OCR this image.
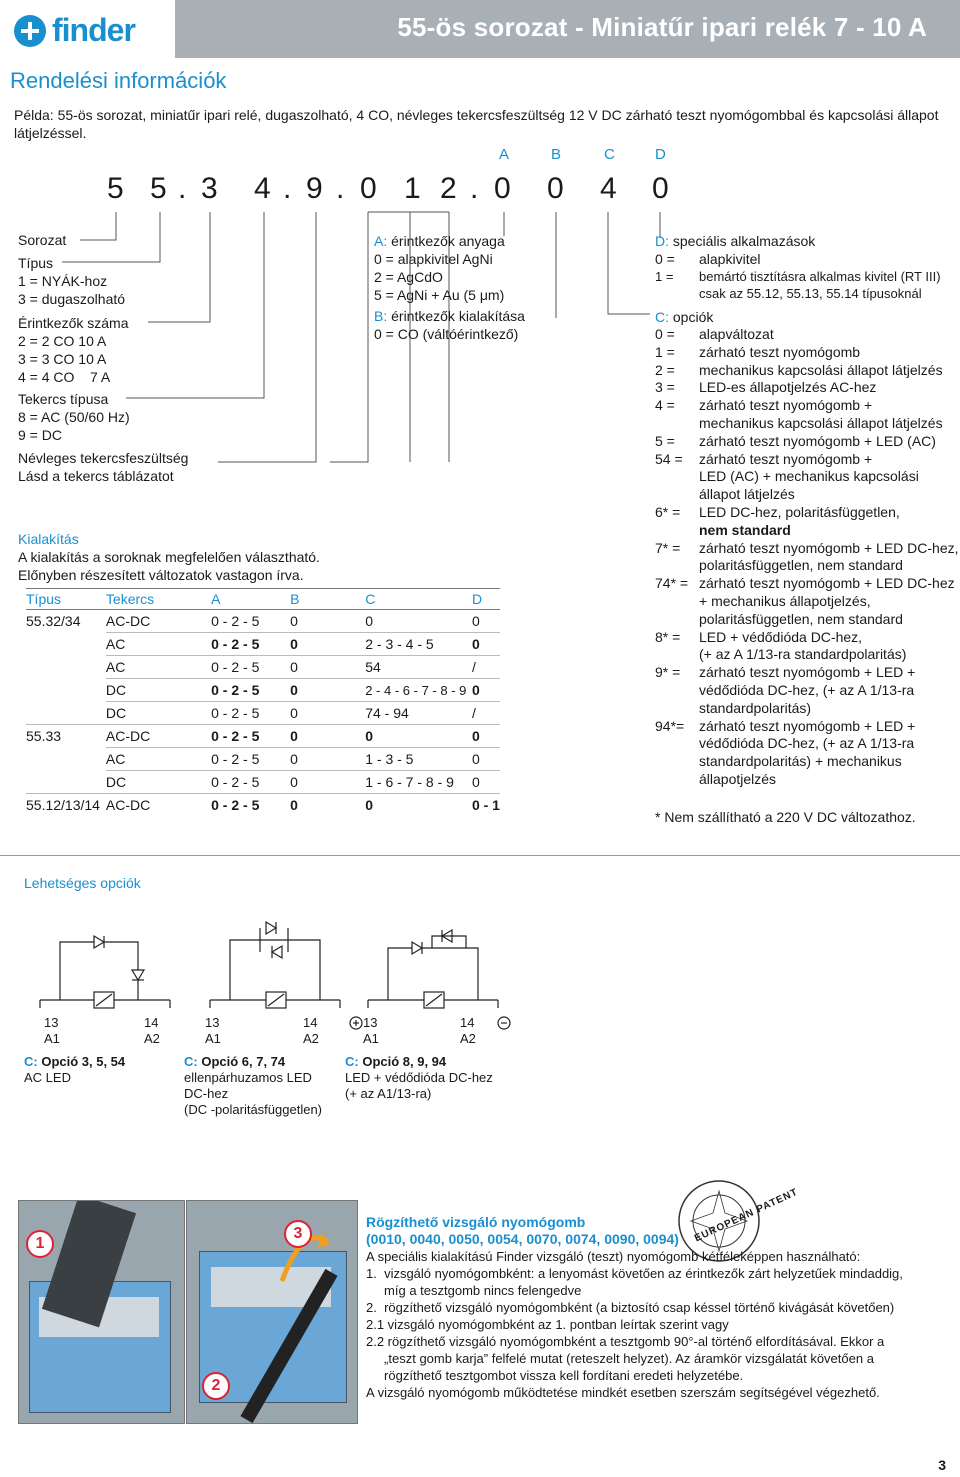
55-ös sorozat - Miniatűr ipari relék 7 - 10 A
finder
Rendelési információk
Példa: 55-ös sorozat, miniatűr ipari relé, dugaszolható, 4 CO, névleges tekercsfeszültség 12 V DC zárható teszt nyomógombbal és kapcsolási állapot látjelzéssel.
A	B	C	D
5 5 . 3 4 . 9 . 0 1 2 . 0 0 4 0
Sorozat
Típus
1 = NYÁK-hoz
3 = dugaszolható
Érintkezők száma
2 = 2 CO 10 A
3 = 3 CO 10 A
4 = 4 CO    7 A
Tekercs típusa
8 = AC (50/60 Hz)
9 = DC
Névleges tekercsfeszültség
Lásd a tekercs táblázatot
A: érintkezők anyaga
0 = alapkivitel AgNi
2 = AgCdO
5 = AgNi + Au (5 μm)
B: érintkezők kialakítása
0 = CO (váltóérintkező)
Kialakítás
A kialakítás a soroknak megfelelően választható.
Előnyben részesített változatok vastagon írva.
Típus	Tekercs	A	B	C	D
55.32/34	AC-DC	0 - 2 - 5	0	0	0
	AC	0 - 2 - 5	0	2 - 3 - 4 - 5	0
	AC	0 - 2 - 5	0	54	/
	DC	0 - 2 - 5	0	2 - 4 - 6 - 7 - 8 - 9	0
	DC	0 - 2 - 5	0	74 - 94	/
55.33	AC-DC	0 - 2 - 5	0	0	0
	AC	0 - 2 - 5	0	1 - 3 - 5	0
	DC	0 - 2 - 5	0	1 - 6 - 7 - 8 - 9	0
55.12/13/14	AC-DC	0 - 2 - 5	0	0	0 - 1
D: speciális alkalmazások
0 =	alapkivitel
1 =	bemártó tisztításra alkalmas kivitel (RT III)
csak az 55.12, 55.13, 55.14 típusoknál
C: opciók
0 =	alapváltozat
1 =	zárható teszt nyomógomb
2 =	mechanikus kapcsolási állapot látjelzés
3 =	LED-es állapotjelzés AC-hez
4 =	zárható teszt nyomógomb +
mechanikus kapcsolási állapot látjelzés
5 =	zárható teszt nyomógomb + LED (AC)
54 =	zárható teszt nyomógomb +
LED (AC) + mechanikus kapcsolási
állapot látjelzés
6* =	LED DC-hez, polaritásfüggetlen,
nem standard
7* =	zárható teszt nyomógomb + LED DC-hez,
polaritásfüggetlen, nem standard
74* = zárható teszt nyomógomb + LED DC-hez
+ mechanikus állapotjelzés,
polaritásfüggetlen, nem standard
8* =	LED + védődióda DC-hez,
(+ az A 1/13-ra standardpolaritás)
9* =	zárható teszt nyomógomb + LED +
védődióda DC-hez, (+ az A 1/13-ra
standardpolaritás)
94*=	zárható teszt nyomógomb + LED +
védődióda DC-hez, (+ az A 1/13-ra
standardpolaritás) + mechanikus
állapotjelzés
* Nem szállítható a 220 V DC változathoz.
Lehetséges opciók
13	14
A1	A2
13	14
A1	A2
13	14
A1	A2
C: Opció 3, 5, 54
AC LED
C: Opció 6, 7, 74
ellenpárhuzamos LED
DC-hez
(DC -polaritásfüggetlen)
C: Opció 8, 9, 94
LED + védődióda DC-hez
(+ az A1/13-ra)
1
2
3	EUROPEAN PATENT
Rögzíthető vizsgáló nyomógomb
(0010, 0040, 0050, 0054, 0070, 0074, 0090, 0094)
A speciális kialakítású Finder vizsgáló (teszt) nyomógomb kétféleképpen használható:
1.  vizsgáló nyomógombként: a lenyomást követően az érintkezők zárt helyzetűek mindaddig,
míg a tesztgomb nincs felengedve
2.  rögzíthető vizsgáló nyomógombként (a biztosító csap késsel történő kivágását követően)
2.1 vizsgáló nyomógombként az 1. pontban leírtak szerint vagy
2.2 rögzíthető vizsgáló nyomógombként a tesztgomb 90°-al történő elfordításával. Ekkor a
„teszt gomb karja” felfelé mutat (reteszelt helyzet). Az áramkör vizsgálatát követően a
rögzíthető tesztgombot vissza kell fordítani eredeti helyzetébe.
A vizsgáló nyomógomb működtetése mindkét esetben szerszám segítségével végezhető.
3
